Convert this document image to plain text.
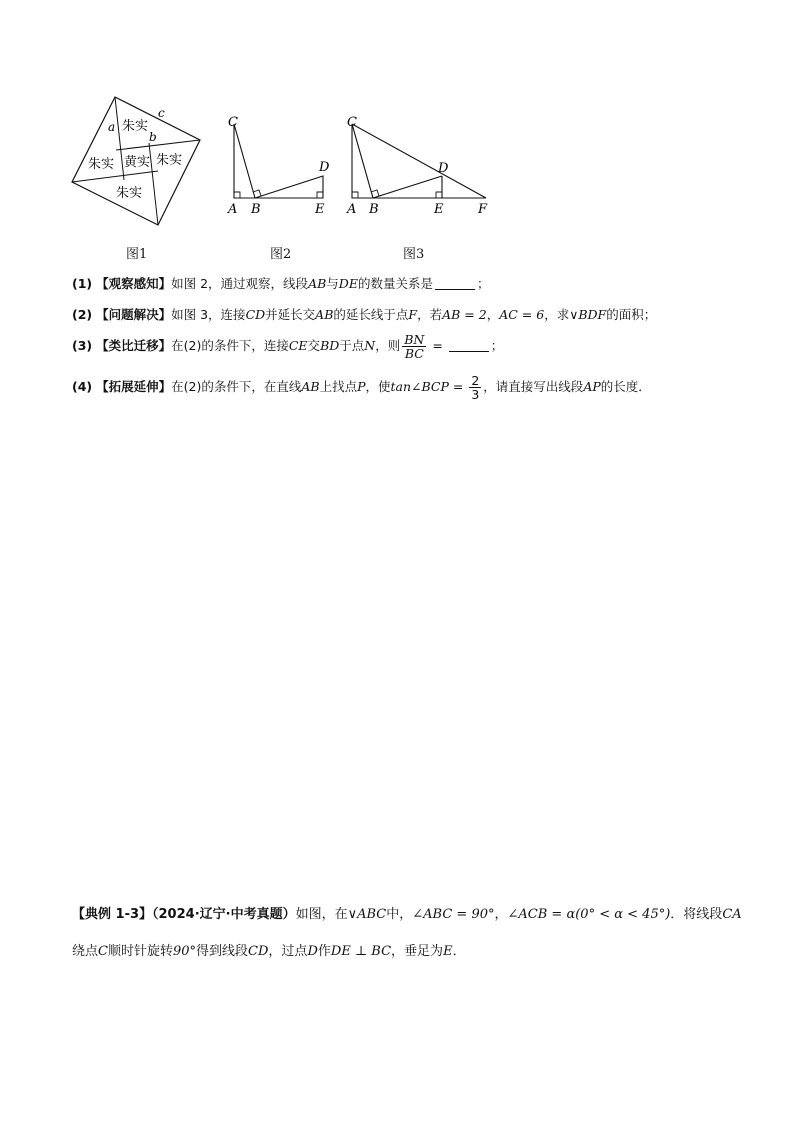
a
b
c
朱实
朱实 黄实 朱实
朱实
图1
C
A B
D
E
图2
C
A B
D
E	F
图3
(1) 【观察感知】如图 2，通过观察，线段AB与DE的数量关系是	；
(2) 【问题解决】如图 3，连接CD并延长交AB的延长线于点F，若AB = 2，AC = 6，求∨BDF的面积；
(3) 【类比迁移】在(2)的条件下，连接CE交BD于点N，则 $\frac{BN}{BC}$ =	；
(4) 【拓展延伸】在(2)的条件下，在直线AB上找点P，使tan∠BCP = $\frac{2}{3}$ ，请直接写出线段AP的长度．
【典例 1-3】（2024·辽宁·中考真题）如图，在∨ABC中，∠ABC = 90°，∠ACB = α(0° < α < 45°)．将线段CA
绕点C顺时针旋转90°得到线段CD，过点D作DE ⊥ BC，垂足为E．
